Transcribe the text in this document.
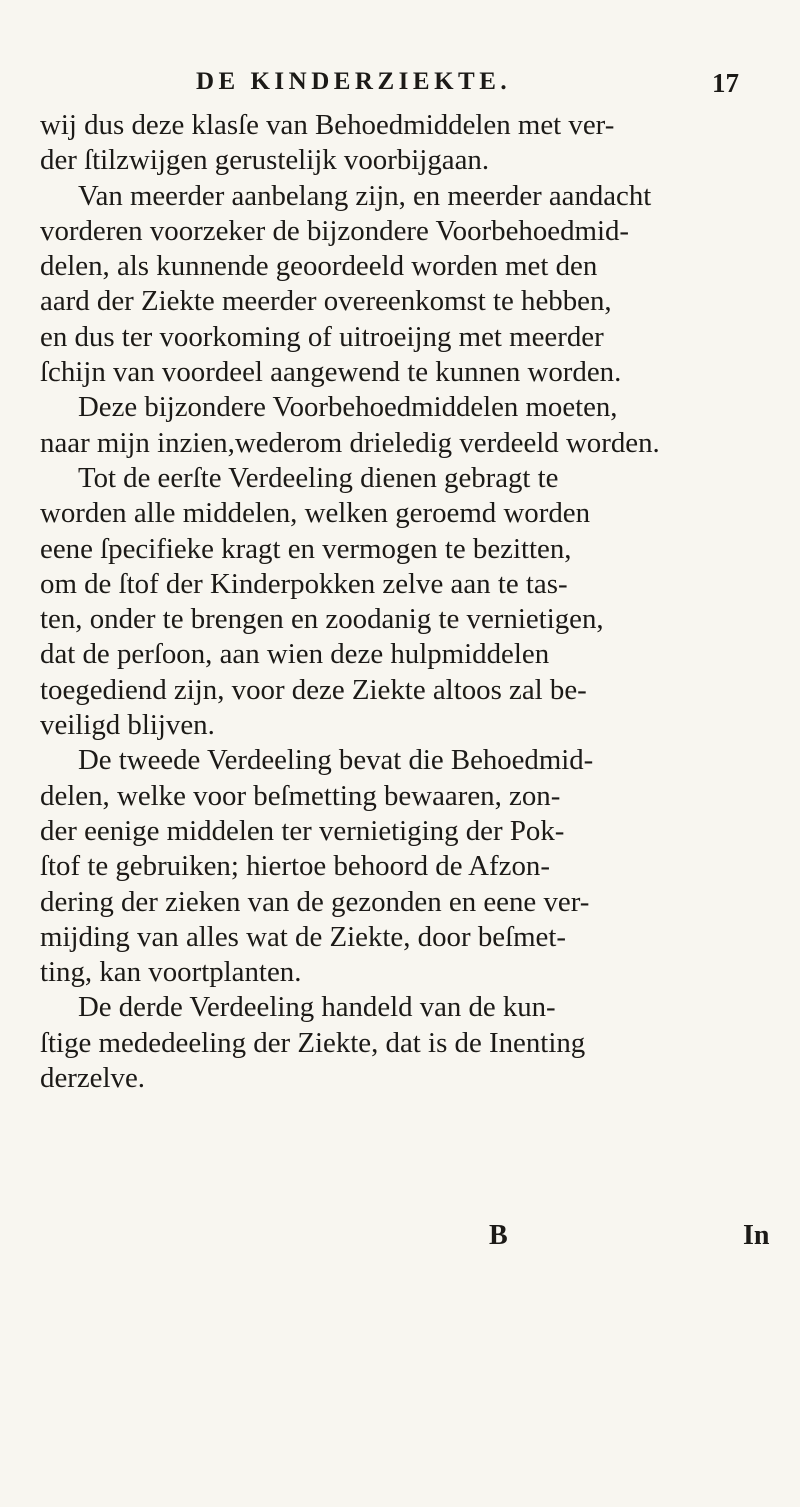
DE KINDERZIEKTE.	17
wij dus deze klasſe van Behoedmiddelen met ver-
der ſtilzwijgen gerustelijk voorbijgaan.
Van meerder aanbelang zijn, en meerder aandacht
vorderen voorzeker de bijzondere Voorbehoedmid-
delen, als kunnende geoordeeld worden met den
aard der Ziekte meerder overeenkomst te hebben,
en dus ter voorkoming of uitroeijng met meerder
ſchijn van voordeel aangewend te kunnen worden.
Deze bijzondere Voorbehoedmiddelen moeten,
naar mijn inzien,wederom drieledig verdeeld worden.
Tot de eerſte Verdeeling dienen gebragt te
worden alle middelen, welken geroemd worden
eene ſpecifieke kragt en vermogen te bezitten,
om de ſtof der Kinderpokken zelve aan te tas-
ten, onder te brengen en zoodanig te vernietigen,
dat de perſoon, aan wien deze hulpmiddelen
toegediend zijn, voor deze Ziekte altoos zal be-
veiligd blijven.
De tweede Verdeeling bevat die Behoedmid-
delen, welke voor beſmetting bewaaren, zon-
der eenige middelen ter vernietiging der Pok-
ſtof te gebruiken; hiertoe behoord de Afzon-
dering der zieken van de gezonden en eene ver-
mijding van alles wat de Ziekte, door beſmet-
ting, kan voortplanten.
De derde Verdeeling handeld van de kun-
ſtige mededeeling der Ziekte, dat is de Inenting
derzelve.
B	In
